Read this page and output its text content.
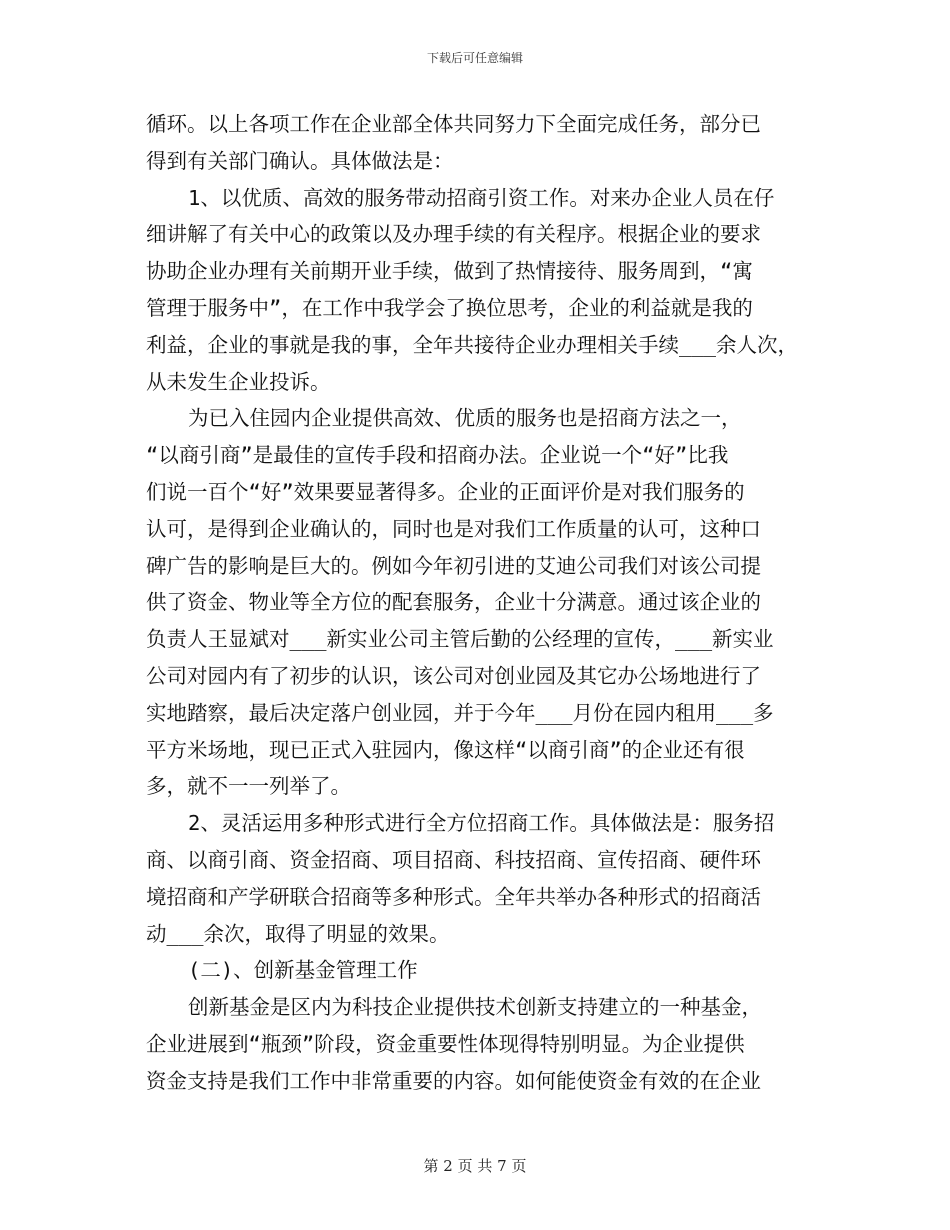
下载后可任意编辑
循环。以上各项工作在企业部全体共同努力下全面完成任务，部分已
得到有关部门确认。具体做法是：
1、以优质、高效的服务带动招商引资工作。对来办企业人员在仔
细讲解了有关中心的政策以及办理手续的有关程序。根据企业的要求
协助企业办理有关前期开业手续，做到了热情接待、服务周到，“寓
管理于服务中”，在工作中我学会了换位思考，企业的利益就是我的
利益，企业的事就是我的事，全年共接待企业办理相关手续___余人次，
从未发生企业投诉。
为已入住园内企业提供高效、优质的服务也是招商方法之一，
“以商引商”是最佳的宣传手段和招商办法。企业说一个“好”比我
们说一百个“好”效果要显著得多。企业的正面评价是对我们服务的
认可，是得到企业确认的，同时也是对我们工作质量的认可，这种口
碑广告的影响是巨大的。例如今年初引进的艾迪公司我们对该公司提
供了资金、物业等全方位的配套服务，企业十分满意。通过该企业的
负责人王显斌对___新实业公司主管后勤的公经理的宣传，___新实业
公司对园内有了初步的认识，该公司对创业园及其它办公场地进行了
实地踏察，最后决定落户创业园，并于今年___月份在园内租用___多
平方米场地，现已正式入驻园内，像这样“以商引商”的企业还有很
多，就不一一列举了。
2、灵活运用多种形式进行全方位招商工作。具体做法是：服务招
商、以商引商、资金招商、项目招商、科技招商、宣传招商、硬件环
境招商和产学研联合招商等多种形式。全年共举办各种形式的招商活
动___余次，取得了明显的效果。
(二)、创新基金管理工作
创新基金是区内为科技企业提供技术创新支持建立的一种基金，
企业进展到“瓶颈”阶段，资金重要性体现得特别明显。为企业提供
资金支持是我们工作中非常重要的内容。如何能使资金有效的在企业
第 2 页 共 7 页
